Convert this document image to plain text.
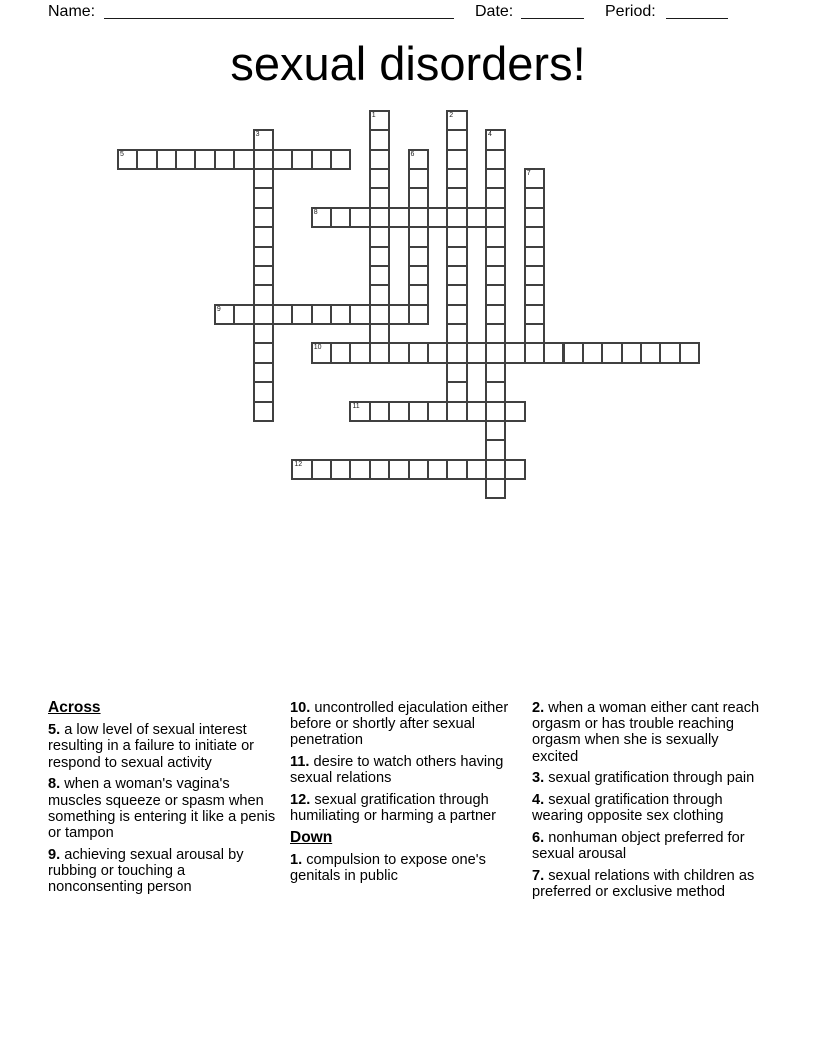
Name:	Date:	Period:
sexual disorders!
1	2
3	4
5	6
7
8
9
10
11
12
Across
5. a low level of sexual interest resulting in a failure to initiate or respond to sexual activity
8. when a woman's vagina's muscles squeeze or spasm when something is entering it like a penis or tampon
9. achieving sexual arousal by rubbing or touching a nonconsenting person
10. uncontrolled ejaculation either before or shortly after sexual penetration
11. desire to watch others having sexual relations
12. sexual gratification through humiliating or harming a partner
Down
1. compulsion to expose one's genitals in public
2. when a woman either cant reach orgasm or has trouble reaching orgasm when she is sexually excited
3. sexual gratification through pain
4. sexual gratification through wearing opposite sex clothing
6. nonhuman object preferred for sexual arousal
7. sexual relations with children as preferred or exclusive method
